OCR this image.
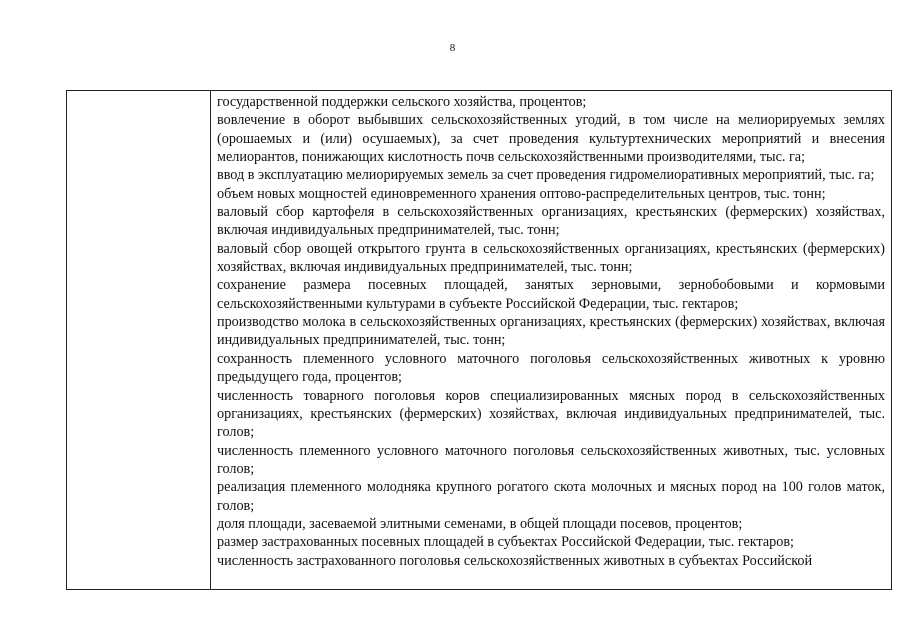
8

государственной поддержки сельского хозяйства, процентов;

вовлечение в оборот выбывших сельскохозяйственных угодий, в том числе на мелиорируемых землях (орошаемых и (или) осушаемых), за счет проведения культуртехнических мероприятий и внесения мелиорантов, понижающих кислотность почв сельскохозяйственными производителями, тыс. га;

ввод в эксплуатацию мелиорируемых земель за счет проведения гидромелиоративных мероприятий, тыс. га;

объем новых мощностей единовременного хранения оптово-распределительных центров, тыс. тонн;

валовый сбор картофеля в сельскохозяйственных организациях, крестьянских (фермерских) хозяйствах, включая индивидуальных предпринимателей, тыс. тонн;

валовый сбор овощей открытого грунта в сельскохозяйственных организациях, крестьянских (фермерских) хозяйствах, включая индивидуальных предпринимателей, тыс. тонн;

сохранение размера посевных площадей, занятых зерновыми, зернобобовыми и кормовыми сельскохозяйственными культурами в субъекте Российской Федерации, тыс. гектаров;

производство молока в сельскохозяйственных организациях, крестьянских (фермерских) хозяйствах, включая индивидуальных предпринимателей, тыс. тонн;

сохранность племенного условного маточного поголовья сельскохозяйственных животных к уровню предыдущего года, процентов;

численность товарного поголовья коров специализированных мясных пород в сельскохозяйственных организациях, крестьянских (фермерских) хозяйствах, включая индивидуальных предпринимателей, тыс. голов;

численность племенного условного маточного поголовья сельскохозяйственных животных, тыс. условных голов;

реализация племенного молодняка крупного рогатого скота молочных и мясных пород на 100 голов маток, голов;

доля площади, засеваемой элитными семенами, в общей площади посевов, процентов;

размер застрахованных посевных площадей в субъектах Российской Федерации, тыс. гектаров;

численность застрахованного поголовья сельскохозяйственных животных в субъектах Российской
